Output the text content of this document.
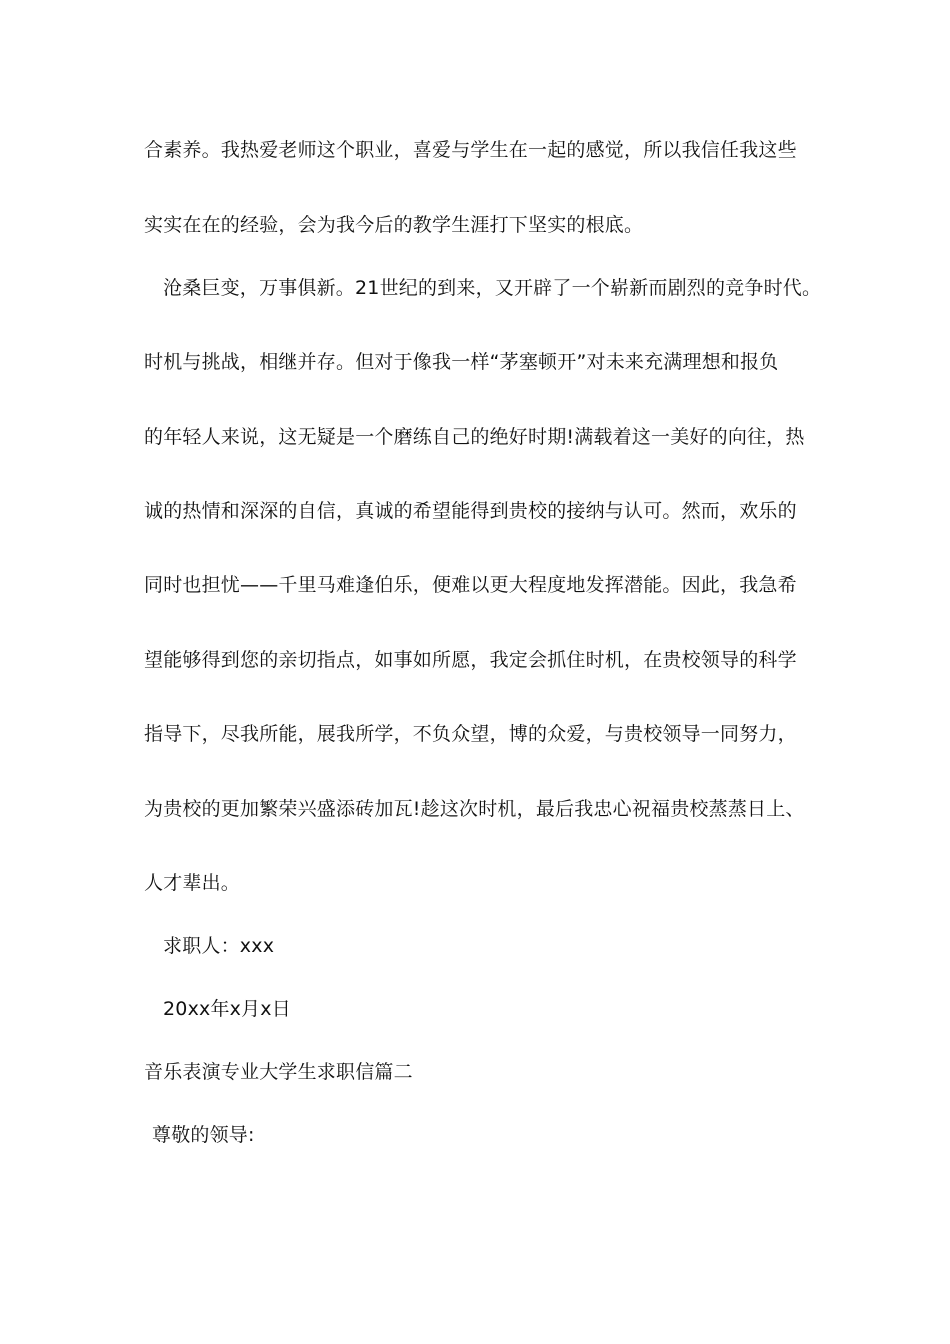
合素养。我热爱老师这个职业，喜爱与学生在一起的感觉，所以我信任我这些
实实在在的经验，会为我今后的教学生涯打下坚实的根底。
沧桑巨变，万事俱新。21世纪的到来，又开辟了一个崭新而剧烈的竞争时代。
时机与挑战，相继并存。但对于像我一样“茅塞顿开”对未来充满理想和报负
的年轻人来说，这无疑是一个磨练自己的绝好时期!满载着这一美好的向往，热
诚的热情和深深的自信，真诚的希望能得到贵校的接纳与认可。然而，欢乐的
同时也担忧——千里马难逢伯乐，便难以更大程度地发挥潜能。因此，我急希
望能够得到您的亲切指点，如事如所愿，我定会抓住时机，在贵校领导的科学
指导下，尽我所能，展我所学，不负众望，博的众爱，与贵校领导一同努力，
为贵校的更加繁荣兴盛添砖加瓦!趁这次时机，最后我忠心祝福贵校蒸蒸日上、
人才辈出。
求职人：xxx
20xx年x月x日
音乐表演专业大学生求职信篇二
尊敬的领导:
